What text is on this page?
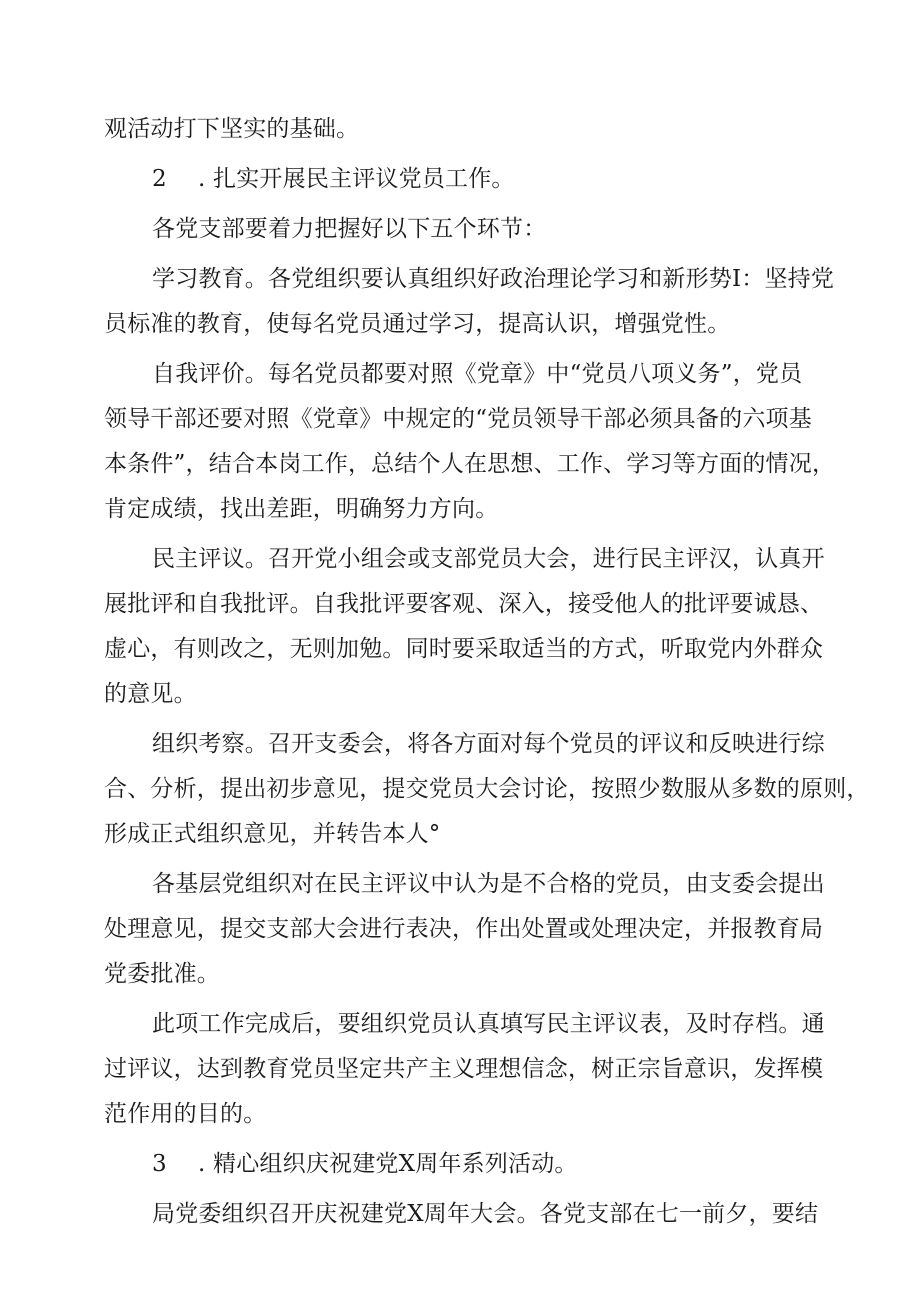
观活动打下坚实的基础。
2 . 扎实开展民主评议党员工作。
各党支部要着力把握好以下五个环节：
学习教育。各党组织要认真组织好政治理论学习和新形势I：坚持党
员标准的教育，使每名党员通过学习，提高认识，增强党性。
自我评价。每名党员都要对照《党章》中“党员八项义务”，党员
领导干部还要对照《党章》中规定的“党员领导干部必须具备的六项基
本条件”，结合本岗工作，总结个人在思想、工作、学习等方面的情况，
肯定成绩，找出差距，明确努力方向。
民主评议。召开党小组会或支部党员大会，进行民主评汉，认真开
展批评和自我批评。自我批评要客观、深入，接受他人的批评要诚恳、
虚心，有则改之，无则加勉。同时要采取适当的方式，听取党内外群众
的意见。
组织考察。召开支委会，将各方面对每个党员的评议和反映进行综
合、分析，提出初步意见，提交党员大会讨论，按照少数服从多数的原则，
形成正式组织意见，并转告本人°
各基层党组织对在民主评议中认为是不合格的党员，由支委会提出
处理意见，提交支部大会进行表决，作出处置或处理决定，并报教育局
党委批准。
此项工作完成后，要组织党员认真填写民主评议表，及时存档。通
过评议，达到教育党员坚定共产主义理想信念，树正宗旨意识，发挥模
范作用的目的。
3 . 精心组织庆祝建党X周年系列活动。
局党委组织召开庆祝建党X周年大会。各党支部在七一前夕，要结
